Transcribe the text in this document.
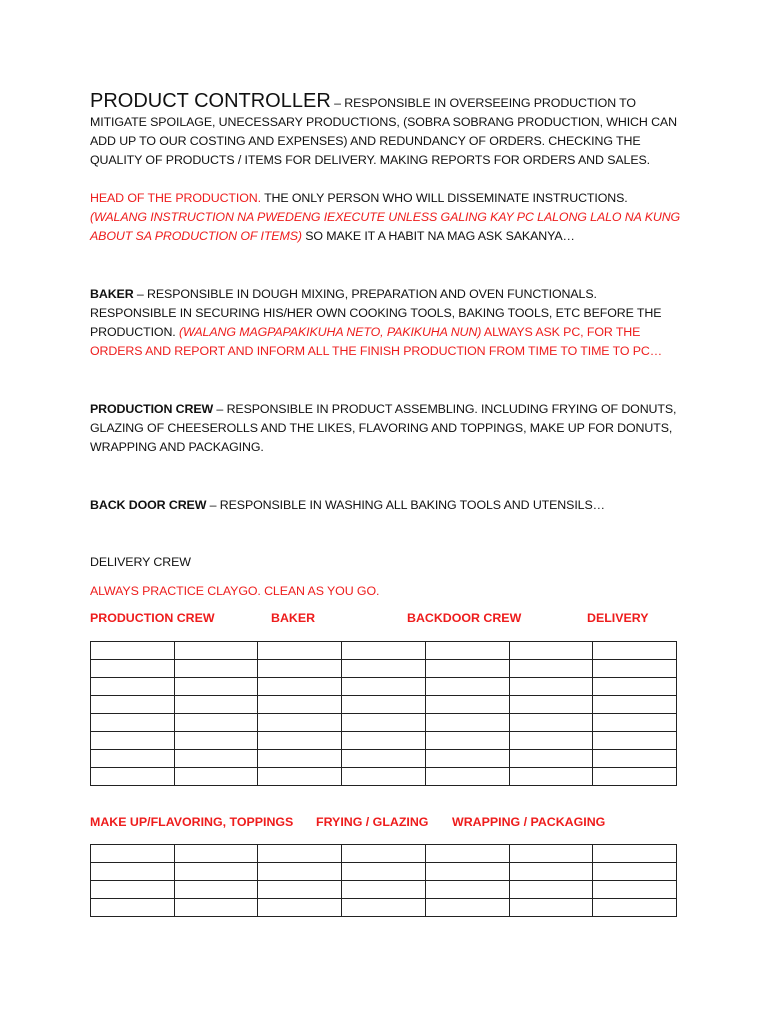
PRODUCT CONTROLLER – RESPONSIBLE IN OVERSEEING PRODUCTION TO MITIGATE SPOILAGE, UNECESSARY PRODUCTIONS, (SOBRA SOBRANG PRODUCTION, WHICH CAN ADD UP TO OUR COSTING AND EXPENSES) AND REDUNDANCY OF ORDERS. CHECKING THE QUALITY OF PRODUCTS / ITEMS FOR DELIVERY. MAKING REPORTS FOR ORDERS AND SALES.

HEAD OF THE PRODUCTION. THE ONLY PERSON WHO WILL DISSEMINATE INSTRUCTIONS. (WALANG INSTRUCTION NA PWEDENG IEXECUTE UNLESS GALING KAY PC LALONG LALO NA KUNG ABOUT SA PRODUCTION OF ITEMS) SO MAKE IT A HABIT NA MAG ASK SAKANYA…

BAKER – RESPONSIBLE IN DOUGH MIXING, PREPARATION AND OVEN FUNCTIONALS. RESPONSIBLE IN SECURING HIS/HER OWN COOKING TOOLS, BAKING TOOLS, ETC BEFORE THE PRODUCTION. (WALANG MAGPAPAKIKUHA NETO, PAKIKUHA NUN) ALWAYS ASK PC, FOR THE ORDERS AND REPORT AND INFORM ALL THE FINISH PRODUCTION FROM TIME TO TIME TO PC…

PRODUCTION CREW – RESPONSIBLE IN PRODUCT ASSEMBLING. INCLUDING FRYING OF DONUTS, GLAZING OF CHEESEROLLS AND THE LIKES, FLAVORING AND TOPPINGS, MAKE UP FOR DONUTS, WRAPPING AND PACKAGING.

BACK DOOR CREW – RESPONSIBLE IN WASHING ALL BAKING TOOLS AND UTENSILS…

DELIVERY CREW

ALWAYS PRACTICE CLAYGO. CLEAN AS YOU GO.

PRODUCTION CREW	BAKER	BACKDOOR CREW	DELIVERY

MAKE UP/FLAVORING, TOPPINGS FRYING / GLAZING WRAPPING / PACKAGING
